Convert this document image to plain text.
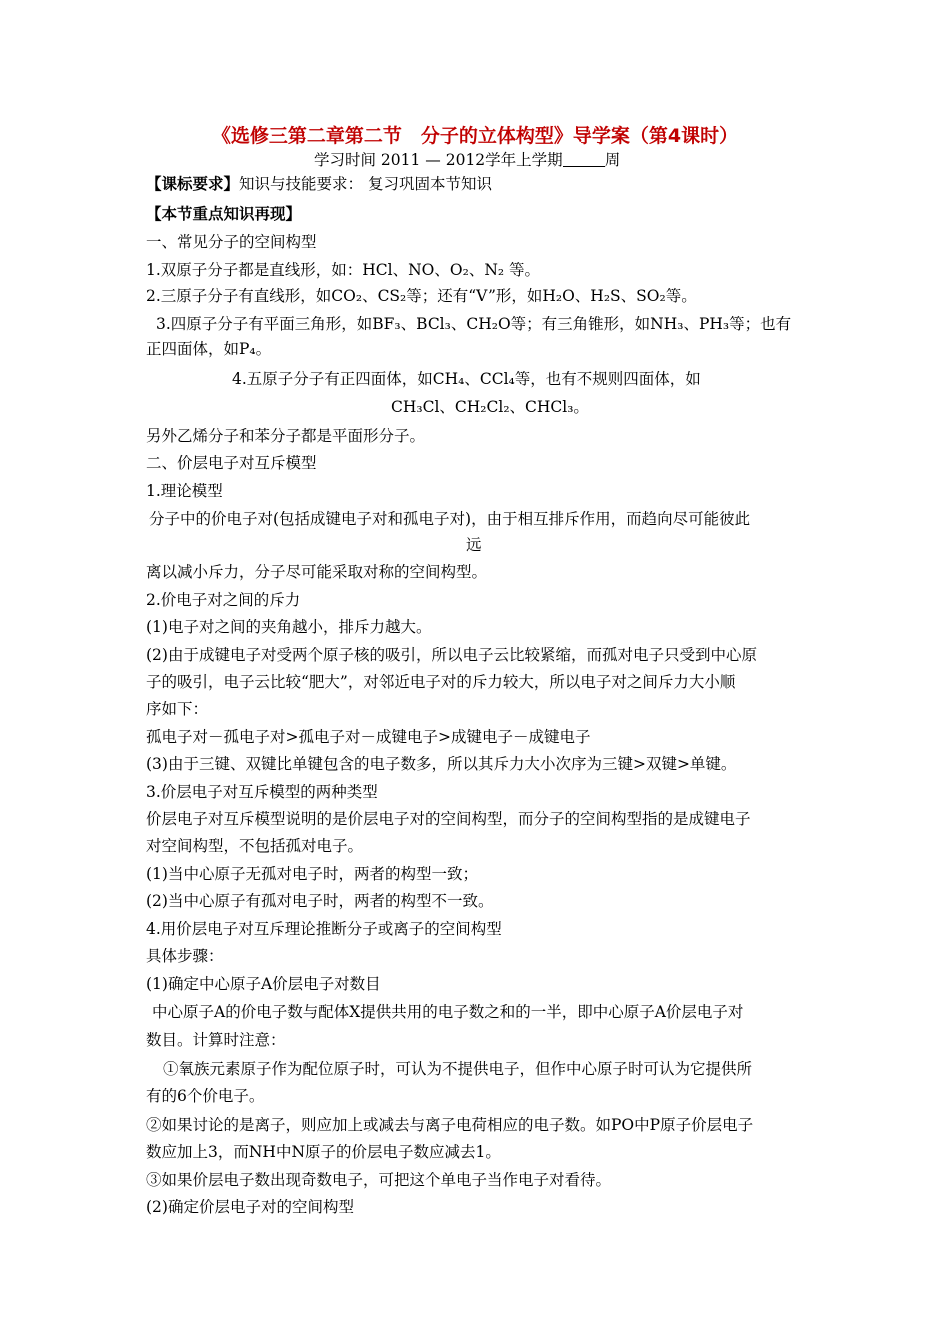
《选修三第二章第二节　分子的立体构型》导学案（第4课时）
学习时间 2011 — 2012学年上学期	周
【课标要求】知识与技能要求： 复习巩固本节知识
【本节重点知识再现】
一、常见分子的空间构型
1.双原子分子都是直线形，如：HCl、NO、O₂、N₂ 等。
2.三原子分子有直线形，如CO₂、CS₂等；还有“V”形，如H₂O、H₂S、SO₂等。
3.四原子分子有平面三角形，如BF₃、BCl₃、CH₂O等；有三角锥形，如NH₃、PH₃等；也有
正四面体，如P₄。
4.五原子分子有正四面体，如CH₄、CCl₄等，也有不规则四面体，如
CH₃Cl、CH₂Cl₂、CHCl₃。
另外乙烯分子和苯分子都是平面形分子。
二、价层电子对互斥模型
1.理论模型
分子中的价电子对(包括成键电子对和孤电子对)，由于相互排斥作用，而趋向尽可能彼此
远
离以减小斥力，分子尽可能采取对称的空间构型。
2.价电子对之间的斥力
(1)电子对之间的夹角越小，排斥力越大。
(2)由于成键电子对受两个原子核的吸引，所以电子云比较紧缩，而孤对电子只受到中心原
子的吸引，电子云比较“肥大”，对邻近电子对的斥力较大，所以电子对之间斥力大小顺
序如下：
孤电子对－孤电子对>孤电子对－成键电子>成键电子－成键电子
(3)由于三键、双键比单键包含的电子数多，所以其斥力大小次序为三键>双键>单键。
3.价层电子对互斥模型的两种类型
价层电子对互斥模型说明的是价层电子对的空间构型，而分子的空间构型指的是成键电子
对空间构型，不包括孤对电子。
(1)当中心原子无孤对电子时，两者的构型一致；
(2)当中心原子有孤对电子时，两者的构型不一致。
4.用价层电子对互斥理论推断分子或离子的空间构型
具体步骤：
(1)确定中心原子A价层电子对数目
中心原子A的价电子数与配体X提供共用的电子数之和的一半，即中心原子A价层电子对
数目。计算时注意：
①氧族元素原子作为配位原子时，可认为不提供电子，但作中心原子时可认为它提供所
有的6个价电子。
②如果讨论的是离子，则应加上或减去与离子电荷相应的电子数。如PO中P原子价层电子
数应加上3，而NH中N原子的价层电子数应减去1。
③如果价层电子数出现奇数电子，可把这个单电子当作电子对看待。
(2)确定价层电子对的空间构型
